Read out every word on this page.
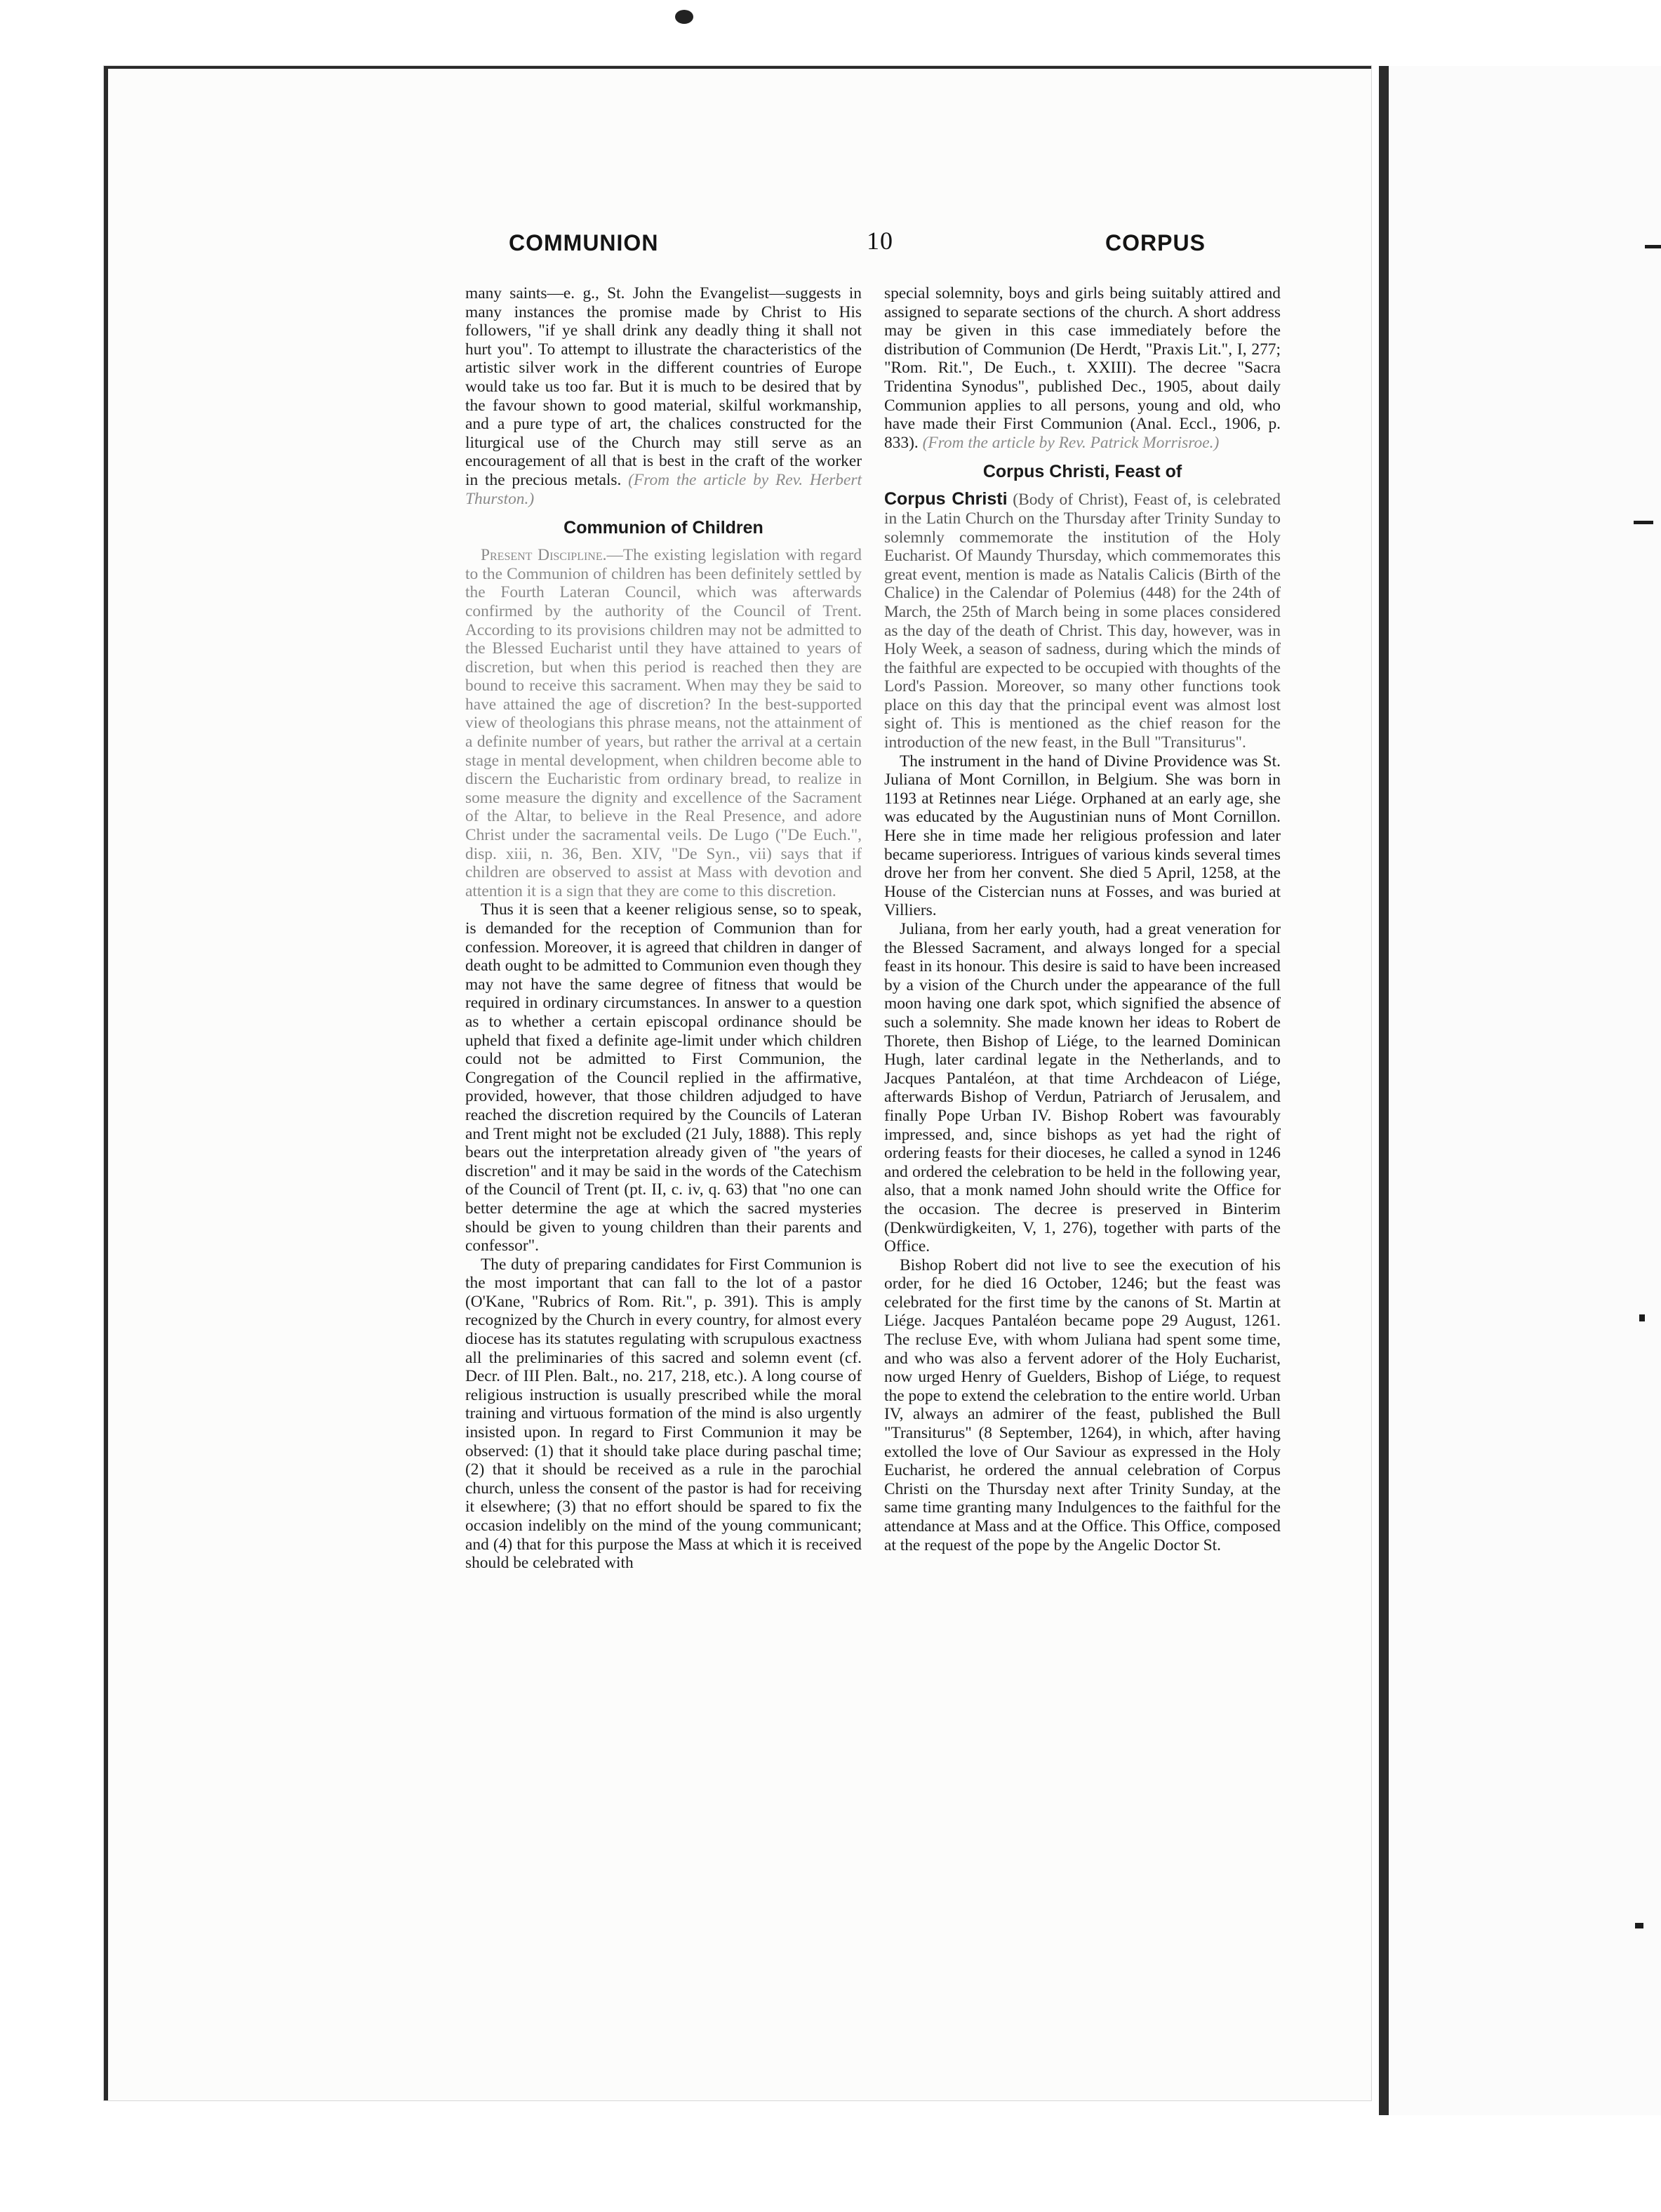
COMMUNION	10	CORPUS

many saints—e. g., St. John the Evangelist—suggests in many instances the promise made by Christ to His followers, "if ye shall drink any deadly thing it shall not hurt you". To attempt to illustrate the characteristics of the artistic silver work in the different countries of Europe would take us too far. But it is much to be desired that by the favour shown to good material, skilful workmanship, and a pure type of art, the chalices constructed for the liturgical use of the Church may still serve as an encouragement of all that is best in the craft of the worker in the precious metals. (From the article by Rev. Herbert Thurston.)

Communion of Children

Present Discipline.—The existing legislation with regard to the Communion of children has been definitely settled by the Fourth Lateran Council, which was afterwards confirmed by the authority of the Council of Trent. According to its provisions children may not be admitted to the Blessed Eucharist until they have attained to years of discretion, but when this period is reached then they are bound to receive this sacrament. When may they be said to have attained the age of discretion? In the best-supported view of theologians this phrase means, not the attainment of a definite number of years, but rather the arrival at a certain stage in mental development, when children become able to discern the Eucharistic from ordinary bread, to realize in some measure the dignity and excellence of the Sacrament of the Altar, to believe in the Real Presence, and adore Christ under the sacramental veils. De Lugo ("De Euch.", disp. xiii, n. 36, Ben. XIV, "De Syn., vii) says that if children are observed to assist at Mass with devotion and attention it is a sign that they are come to this discretion.

Thus it is seen that a keener religious sense, so to speak, is demanded for the reception of Communion than for confession. Moreover, it is agreed that children in danger of death ought to be admitted to Communion even though they may not have the same degree of fitness that would be required in ordinary circumstances. In answer to a question as to whether a certain episcopal ordinance should be upheld that fixed a definite age-limit under which children could not be admitted to First Communion, the Congregation of the Council replied in the affirmative, provided, however, that those children adjudged to have reached the discretion required by the Councils of Lateran and Trent might not be excluded (21 July, 1888). This reply bears out the interpretation already given of "the years of discretion" and it may be said in the words of the Catechism of the Council of Trent (pt. II, c. iv, q. 63) that "no one can better determine the age at which the sacred mysteries should be given to young children than their parents and confessor".

The duty of preparing candidates for First Communion is the most important that can fall to the lot of a pastor (O'Kane, "Rubrics of Rom. Rit.", p. 391). This is amply recognized by the Church in every country, for almost every diocese has its statutes regulating with scrupulous exactness all the preliminaries of this sacred and solemn event (cf. Decr. of III Plen. Balt., no. 217, 218, etc.). A long course of religious instruction is usually prescribed while the moral training and virtuous formation of the mind is also urgently insisted upon. In regard to First Communion it may be observed: (1) that it should take place during paschal time; (2) that it should be received as a rule in the parochial church, unless the consent of the pastor is had for receiving it elsewhere; (3) that no effort should be spared to fix the occasion indelibly on the mind of the young communicant; and (4) that for this purpose the Mass at which it is received should be celebrated with

special solemnity, boys and girls being suitably attired and assigned to separate sections of the church. A short address may be given in this case immediately before the distribution of Communion (De Herdt, "Praxis Lit.", I, 277; "Rom. Rit.", De Euch., t. XXIII). The decree "Sacra Tridentina Synodus", published Dec., 1905, about daily Communion applies to all persons, young and old, who have made their First Communion (Anal. Eccl., 1906, p. 833). (From the article by Rev. Patrick Morrisroe.)

Corpus Christi, Feast of

Corpus Christi (Body of Christ), Feast of, is celebrated in the Latin Church on the Thursday after Trinity Sunday to solemnly commemorate the institution of the Holy Eucharist. Of Maundy Thursday, which commemorates this great event, mention is made as Natalis Calicis (Birth of the Chalice) in the Calendar of Polemius (448) for the 24th of March, the 25th of March being in some places considered as the day of the death of Christ. This day, however, was in Holy Week, a season of sadness, during which the minds of the faithful are expected to be occupied with thoughts of the Lord's Passion. Moreover, so many other functions took place on this day that the principal event was almost lost sight of. This is mentioned as the chief reason for the introduction of the new feast, in the Bull "Transiturus".

The instrument in the hand of Divine Providence was St. Juliana of Mont Cornillon, in Belgium. She was born in 1193 at Retinnes near Liége. Orphaned at an early age, she was educated by the Augustinian nuns of Mont Cornillon. Here she in time made her religious profession and later became superioress. Intrigues of various kinds several times drove her from her convent. She died 5 April, 1258, at the House of the Cistercian nuns at Fosses, and was buried at Villiers.

Juliana, from her early youth, had a great veneration for the Blessed Sacrament, and always longed for a special feast in its honour. This desire is said to have been increased by a vision of the Church under the appearance of the full moon having one dark spot, which signified the absence of such a solemnity. She made known her ideas to Robert de Thorete, then Bishop of Liége, to the learned Dominican Hugh, later cardinal legate in the Netherlands, and to Jacques Pantaléon, at that time Archdeacon of Liége, afterwards Bishop of Verdun, Patriarch of Jerusalem, and finally Pope Urban IV. Bishop Robert was favourably impressed, and, since bishops as yet had the right of ordering feasts for their dioceses, he called a synod in 1246 and ordered the celebration to be held in the following year, also, that a monk named John should write the Office for the occasion. The decree is preserved in Binterim (Denkwürdigkeiten, V, 1, 276), together with parts of the Office.

Bishop Robert did not live to see the execution of his order, for he died 16 October, 1246; but the feast was celebrated for the first time by the canons of St. Martin at Liége. Jacques Pantaléon became pope 29 August, 1261. The recluse Eve, with whom Juliana had spent some time, and who was also a fervent adorer of the Holy Eucharist, now urged Henry of Guelders, Bishop of Liége, to request the pope to extend the celebration to the entire world. Urban IV, always an admirer of the feast, published the Bull "Transiturus" (8 September, 1264), in which, after having extolled the love of Our Saviour as expressed in the Holy Eucharist, he ordered the annual celebration of Corpus Christi on the Thursday next after Trinity Sunday, at the same time granting many Indulgences to the faithful for the attendance at Mass and at the Office. This Office, composed at the request of the pope by the Angelic Doctor St.
